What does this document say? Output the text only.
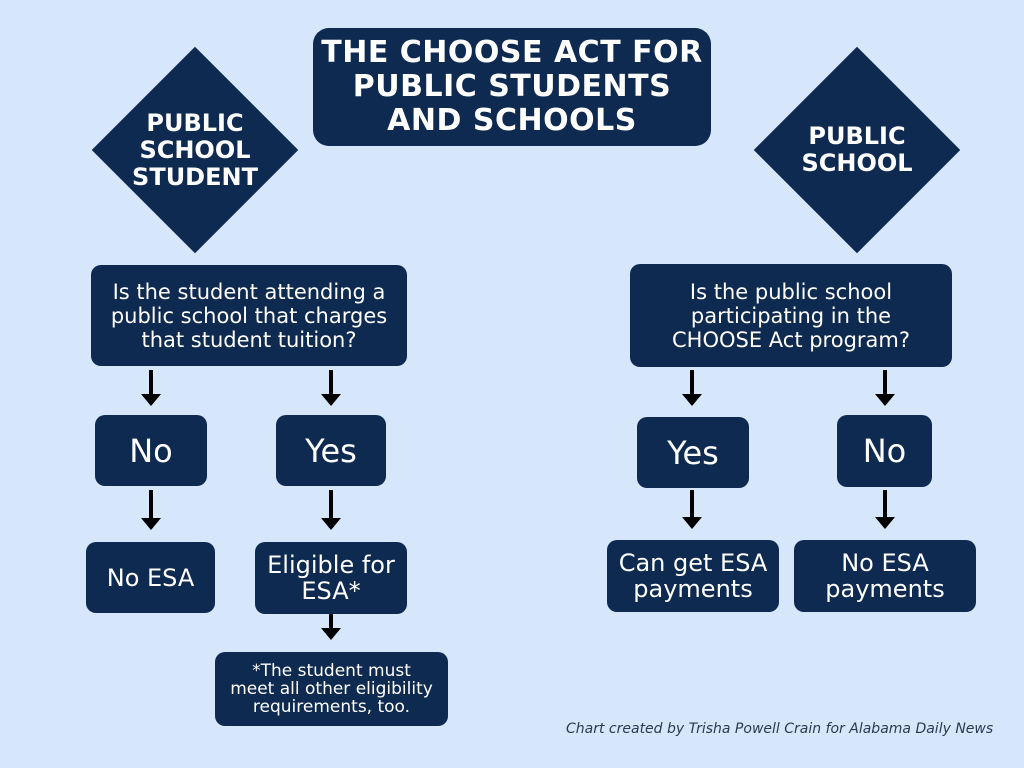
THE CHOOSE ACT FOR
PUBLIC STUDENTS
AND SCHOOLS
PUBLIC
SCHOOL
STUDENT
PUBLIC
SCHOOL
Is the student attending a
public school that charges
that student tuition?
No	Yes
No ESA	Eligible for
ESA*
*The student must
meet all other eligibility
requirements, too.
Is the public school
participating in the
CHOOSE Act program?
Yes	No
Can get ESA
payments
No ESA
payments
Chart created by Trisha Powell Crain for Alabama Daily News
